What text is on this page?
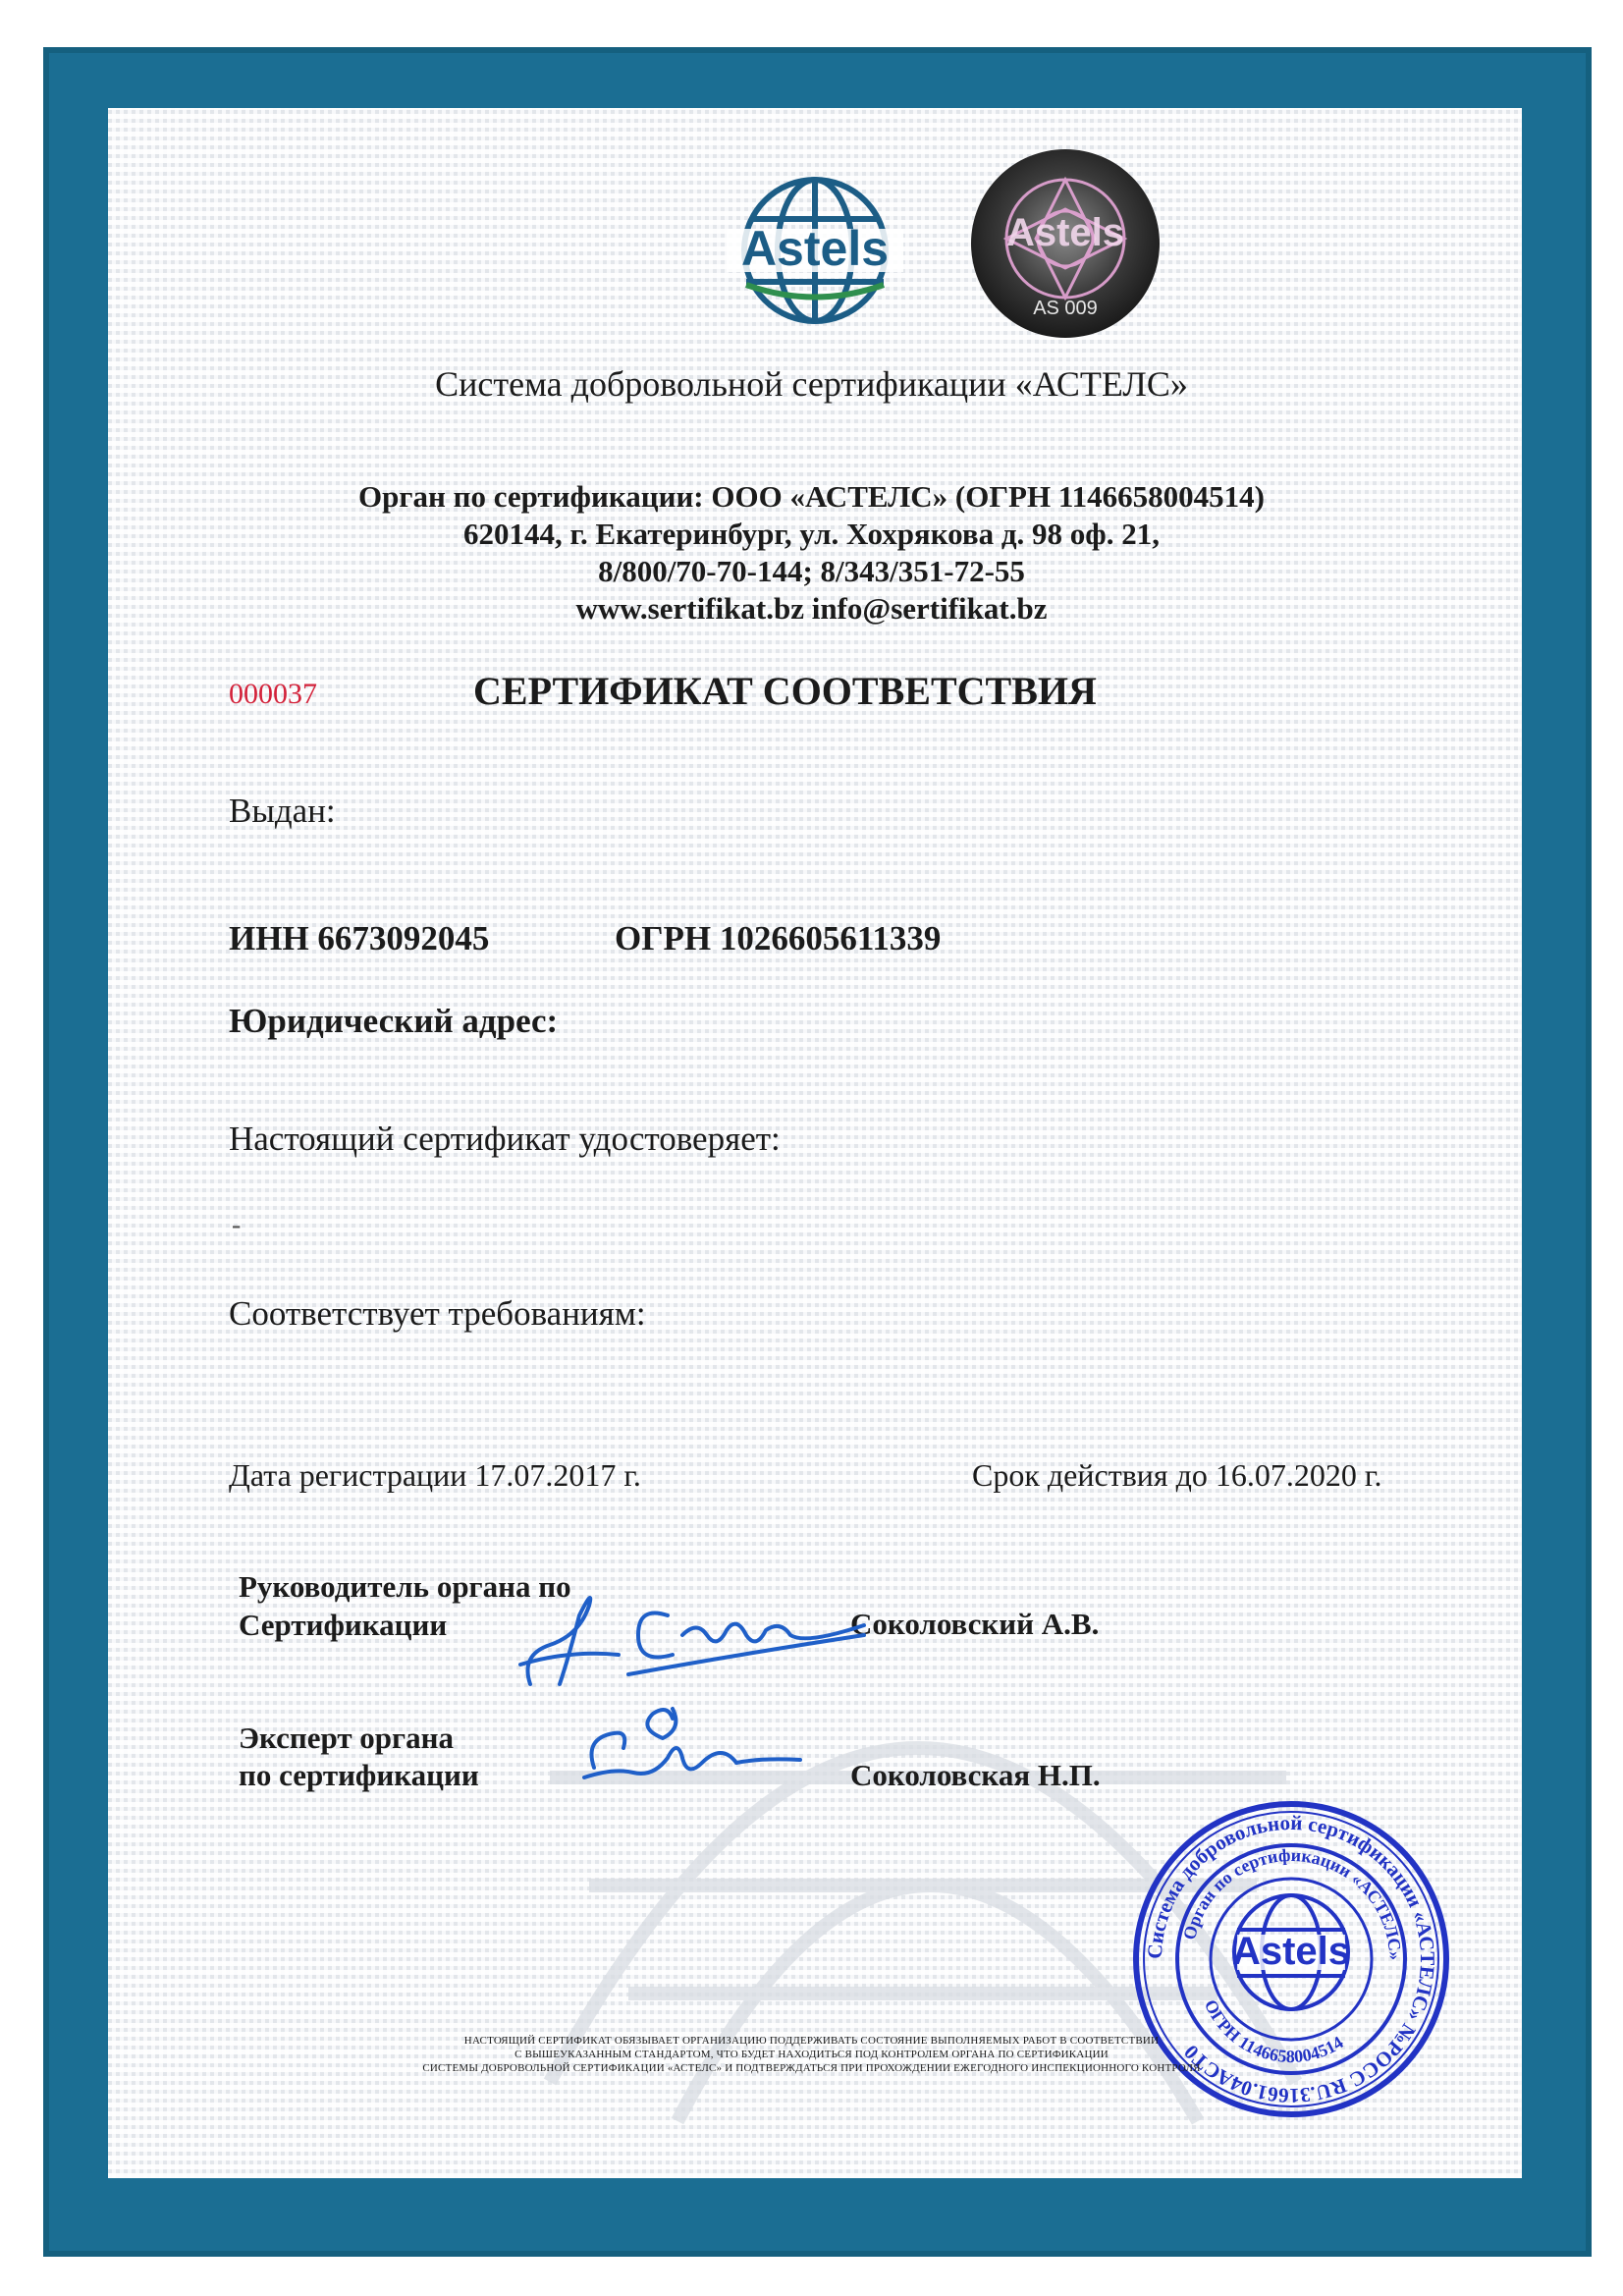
Astels	Astels
AS 009
Система добровольной сертификации «АСТЕЛС»
Орган по сертификации: ООО «АСТЕЛС» (ОГРН 1146658004514)
620144, г. Екатеринбург, ул. Хохрякова д. 98 оф. 21,
8/800/70-70-144; 8/343/351-72-55
www.sertifikat.bz info@sertifikat.bz
000037	СЕРТИФИКАТ СООТВЕТСТВИЯ
Выдан:
ИНН 6673092045	ОГРН 1026605611339
Юридический адрес:
Настоящий сертификат удостоверяет:
-
Соответствует требованиям:
Дата регистрации 17.07.2017 г.	Срок действия до 16.07.2020 г.
Руководитель органа по
Сертификации	Соколовский А.В.
Эксперт органа
по сертификации	Соколовская Н.П.
Система добровольной сертификации «АСТЕЛС» №РОСС RU.31661.04АСТ0
Орган по сертификации «АСТЕЛС»
ОГРН 1146658004514
Astels
НАСТОЯЩИЙ СЕРТИФИКАТ ОБЯЗЫВАЕТ ОРГАНИЗАЦИЮ ПОДДЕРЖИВАТЬ СОСТОЯНИЕ ВЫПОЛНЯЕМЫХ РАБОТ В СООТВЕТСТВИИ
С ВЫШЕУКАЗАННЫМ СТАНДАРТОМ, ЧТО БУДЕТ НАХОДИТЬСЯ ПОД КОНТРОЛЕМ ОРГАНА ПО СЕРТИФИКАЦИИ
СИСТЕМЫ ДОБРОВОЛЬНОЙ СЕРТИФИКАЦИИ «АСТЕЛС» И ПОДТВЕРЖДАТЬСЯ ПРИ ПРОХОЖДЕНИИ ЕЖЕГОДНОГО ИНСПЕКЦИОННОГО КОНТРОЛЯ
